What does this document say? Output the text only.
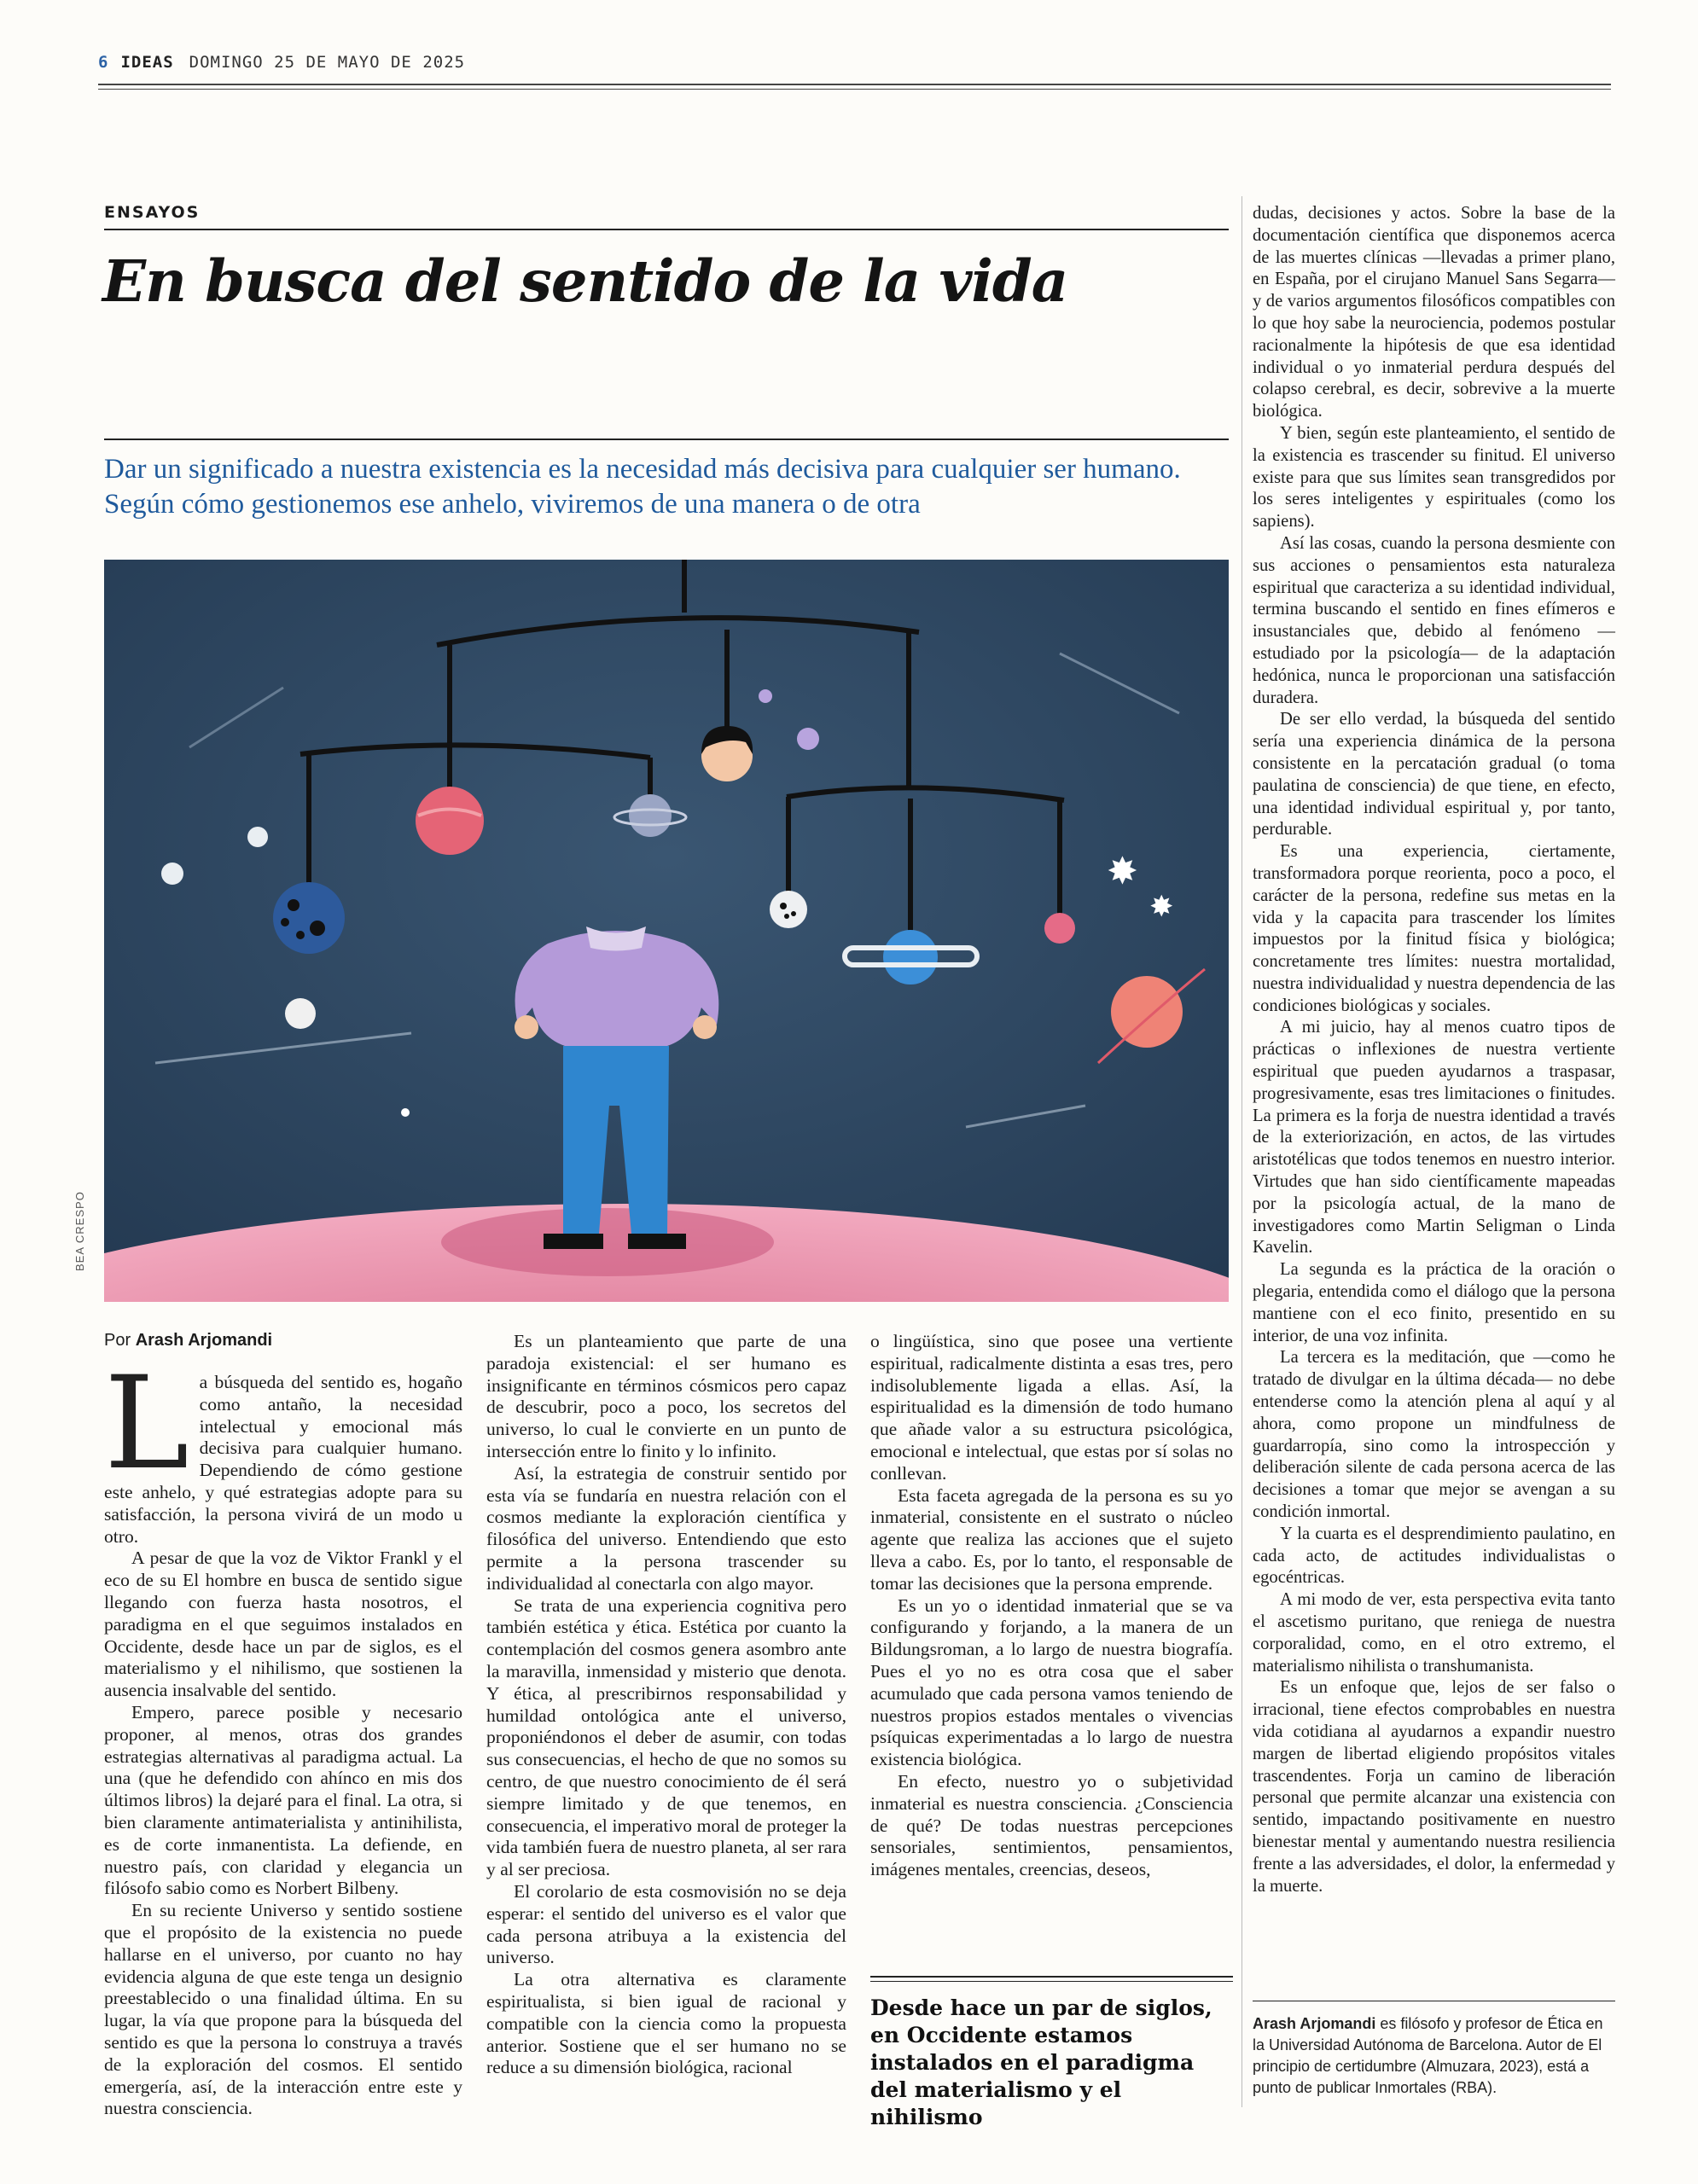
6 IDEAS DOMINGO 25 DE MAYO DE 2025
ENSAYOS
En busca del sentido de la vida

Dar un significado a nuestra existencia es la necesidad más decisiva para cualquier ser humano. Según cómo gestionemos ese anhelo, viviremos de una manera o de otra

✸
✸
BEA CRESPO
Por Arash Arjomandi

La búsqueda del sentido es, hogaño como antaño, la necesidad intelectual y emocional más decisiva para cualquier humano. Dependiendo de cómo gestione este anhelo, y qué estrategias adopte para su satisfacción, la persona vivirá de un modo u otro.

A pesar de que la voz de Viktor Frankl y el eco de su El hombre en busca de sentido sigue llegando con fuerza hasta nosotros, el paradigma en el que seguimos instalados en Occidente, desde hace un par de siglos, es el materialismo y el nihilismo, que sostienen la ausencia insalvable del sentido.

Empero, parece posible y necesario proponer, al menos, otras dos grandes estrategias alternativas al paradigma actual. La una (que he defendido con ahínco en mis dos últimos libros) la dejaré para el final. La otra, si bien claramente antimaterialista y antinihilista, es de corte inmanentista. La defiende, en nuestro país, con claridad y elegancia un filósofo sabio como es Norbert Bilbeny.

En su reciente Universo y sentido sostiene que el propósito de la existencia no puede hallarse en el universo, por cuanto no hay evidencia alguna de que este tenga un designio preestablecido o una finalidad última. En su lugar, la vía que propone para la búsqueda del sentido es que la persona lo construya a través de la exploración del cosmos. El sentido emergería, así, de la interacción entre este y nuestra consciencia.

Es un planteamiento que parte de una paradoja existencial: el ser humano es insignificante en términos cósmicos pero capaz de descubrir, poco a poco, los secretos del universo, lo cual le convierte en un punto de intersección entre lo finito y lo infinito.

Así, la estrategia de construir sentido por esta vía se fundaría en nuestra relación con el cosmos mediante la exploración científica y filosófica del universo. Entendiendo que esto permite a la persona trascender su individualidad al conectarla con algo mayor.

Se trata de una experiencia cognitiva pero también estética y ética. Estética por cuanto la contemplación del cosmos genera asombro ante la maravilla, inmensidad y misterio que denota. Y ética, al prescribirnos responsabilidad y humildad ontológica ante el universo, proponiéndonos el deber de asumir, con todas sus consecuencias, el hecho de que no somos su centro, de que nuestro conocimiento de él será siempre limitado y de que tenemos, en consecuencia, el imperativo moral de proteger la vida también fuera de nuestro planeta, al ser rara y al ser preciosa.

El corolario de esta cosmovisión no se deja esperar: el sentido del universo es el valor que cada persona atribuya a la existencia del universo.

La otra alternativa es claramente espiritualista, si bien igual de racional y compatible con la ciencia como la propuesta anterior. Sostiene que el ser humano no se reduce a su dimensión biológica, racional

o lingüística, sino que posee una vertiente espiritual, radicalmente distinta a esas tres, pero indisolublemente ligada a ellas. Así, la espiritualidad es la dimensión de todo humano que añade valor a su estructura psicológica, emocional e intelectual, que estas por sí solas no conllevan.

Esta faceta agregada de la persona es su yo inmaterial, consistente en el sustrato o núcleo agente que realiza las acciones que el sujeto lleva a cabo. Es, por lo tanto, el responsable de tomar las decisiones que la persona emprende.

Es un yo o identidad inmaterial que se va configurando y forjando, a la manera de un Bildungsroman, a lo largo de nuestra biografía. Pues el yo no es otra cosa que el saber acumulado que cada persona vamos teniendo de nuestros propios estados mentales o vivencias psíquicas experimentadas a lo largo de nuestra existencia biológica.

En efecto, nuestro yo o subjetividad inmaterial es nuestra consciencia. ¿Consciencia de qué? De todas nuestras percepciones sensoriales, sentimientos, pensamientos, imágenes mentales, creencias, deseos,

Desde hace un par de siglos, en Occidente estamos instalados en el paradigma del materialismo y el nihilismo

dudas, decisiones y actos. Sobre la base de la documentación científica que disponemos acerca de las muertes clínicas —llevadas a primer plano, en España, por el cirujano Manuel Sans Segarra— y de varios argumentos filosóficos compatibles con lo que hoy sabe la neurociencia, podemos postular racionalmente la hipótesis de que esa identidad individual o yo inmaterial perdura después del colapso cerebral, es decir, sobrevive a la muerte biológica.

Y bien, según este planteamiento, el sentido de la existencia es trascender su finitud. El universo existe para que sus límites sean transgredidos por los seres inteligentes y espirituales (como los sapiens).

Así las cosas, cuando la persona desmiente con sus acciones o pensamientos esta naturaleza espiritual que caracteriza a su identidad individual, termina buscando el sentido en fines efímeros e insustanciales que, debido al fenómeno —estudiado por la psicología— de la adaptación hedónica, nunca le proporcionan una satisfacción duradera.

De ser ello verdad, la búsqueda del sentido sería una experiencia dinámica de la persona consistente en la percatación gradual (o toma paulatina de consciencia) de que tiene, en efecto, una identidad individual espiritual y, por tanto, perdurable.

Es una experiencia, ciertamente, transformadora porque reorienta, poco a poco, el carácter de la persona, redefine sus metas en la vida y la capacita para trascender los límites impuestos por la finitud física y biológica; concretamente tres límites: nuestra mortalidad, nuestra individualidad y nuestra dependencia de las condiciones biológicas y sociales.

A mi juicio, hay al menos cuatro tipos de prácticas o inflexiones de nuestra vertiente espiritual que pueden ayudarnos a traspasar, progresivamente, esas tres limitaciones o finitudes. La primera es la forja de nuestra identidad a través de la exteriorización, en actos, de las virtudes aristotélicas que todos tenemos en nuestro interior. Virtudes que han sido científicamente mapeadas por la psicología actual, de la mano de investigadores como Martin Seligman o Linda Kavelin.

La segunda es la práctica de la oración o plegaria, entendida como el diálogo que la persona mantiene con el eco finito, presentido en su interior, de una voz infinita.

La tercera es la meditación, que —como he tratado de divulgar en la última década— no debe entenderse como la atención plena al aquí y al ahora, como propone un mindfulness de guardarropía, sino como la introspección y deliberación silente de cada persona acerca de las decisiones a tomar que mejor se avengan a su condición inmortal.

Y la cuarta es el desprendimiento paulatino, en cada acto, de actitudes individualistas o egocéntricas.

A mi modo de ver, esta perspectiva evita tanto el ascetismo puritano, que reniega de nuestra corporalidad, como, en el otro extremo, el materialismo nihilista o transhumanista.

Es un enfoque que, lejos de ser falso o irracional, tiene efectos comprobables en nuestra vida cotidiana al ayudarnos a expandir nuestro margen de libertad eligiendo propósitos vitales trascendentes. Forja un camino de liberación personal que permite alcanzar una existencia con sentido, impactando positivamente en nuestro bienestar mental y aumentando nuestra resiliencia frente a las adversidades, el dolor, la enfermedad y la muerte.

Arash Arjomandi es filósofo y profesor de Ética en la Universidad Autónoma de Barcelona. Autor de El principio de certidumbre (Almuzara, 2023), está a punto de publicar Inmortales (RBA).
